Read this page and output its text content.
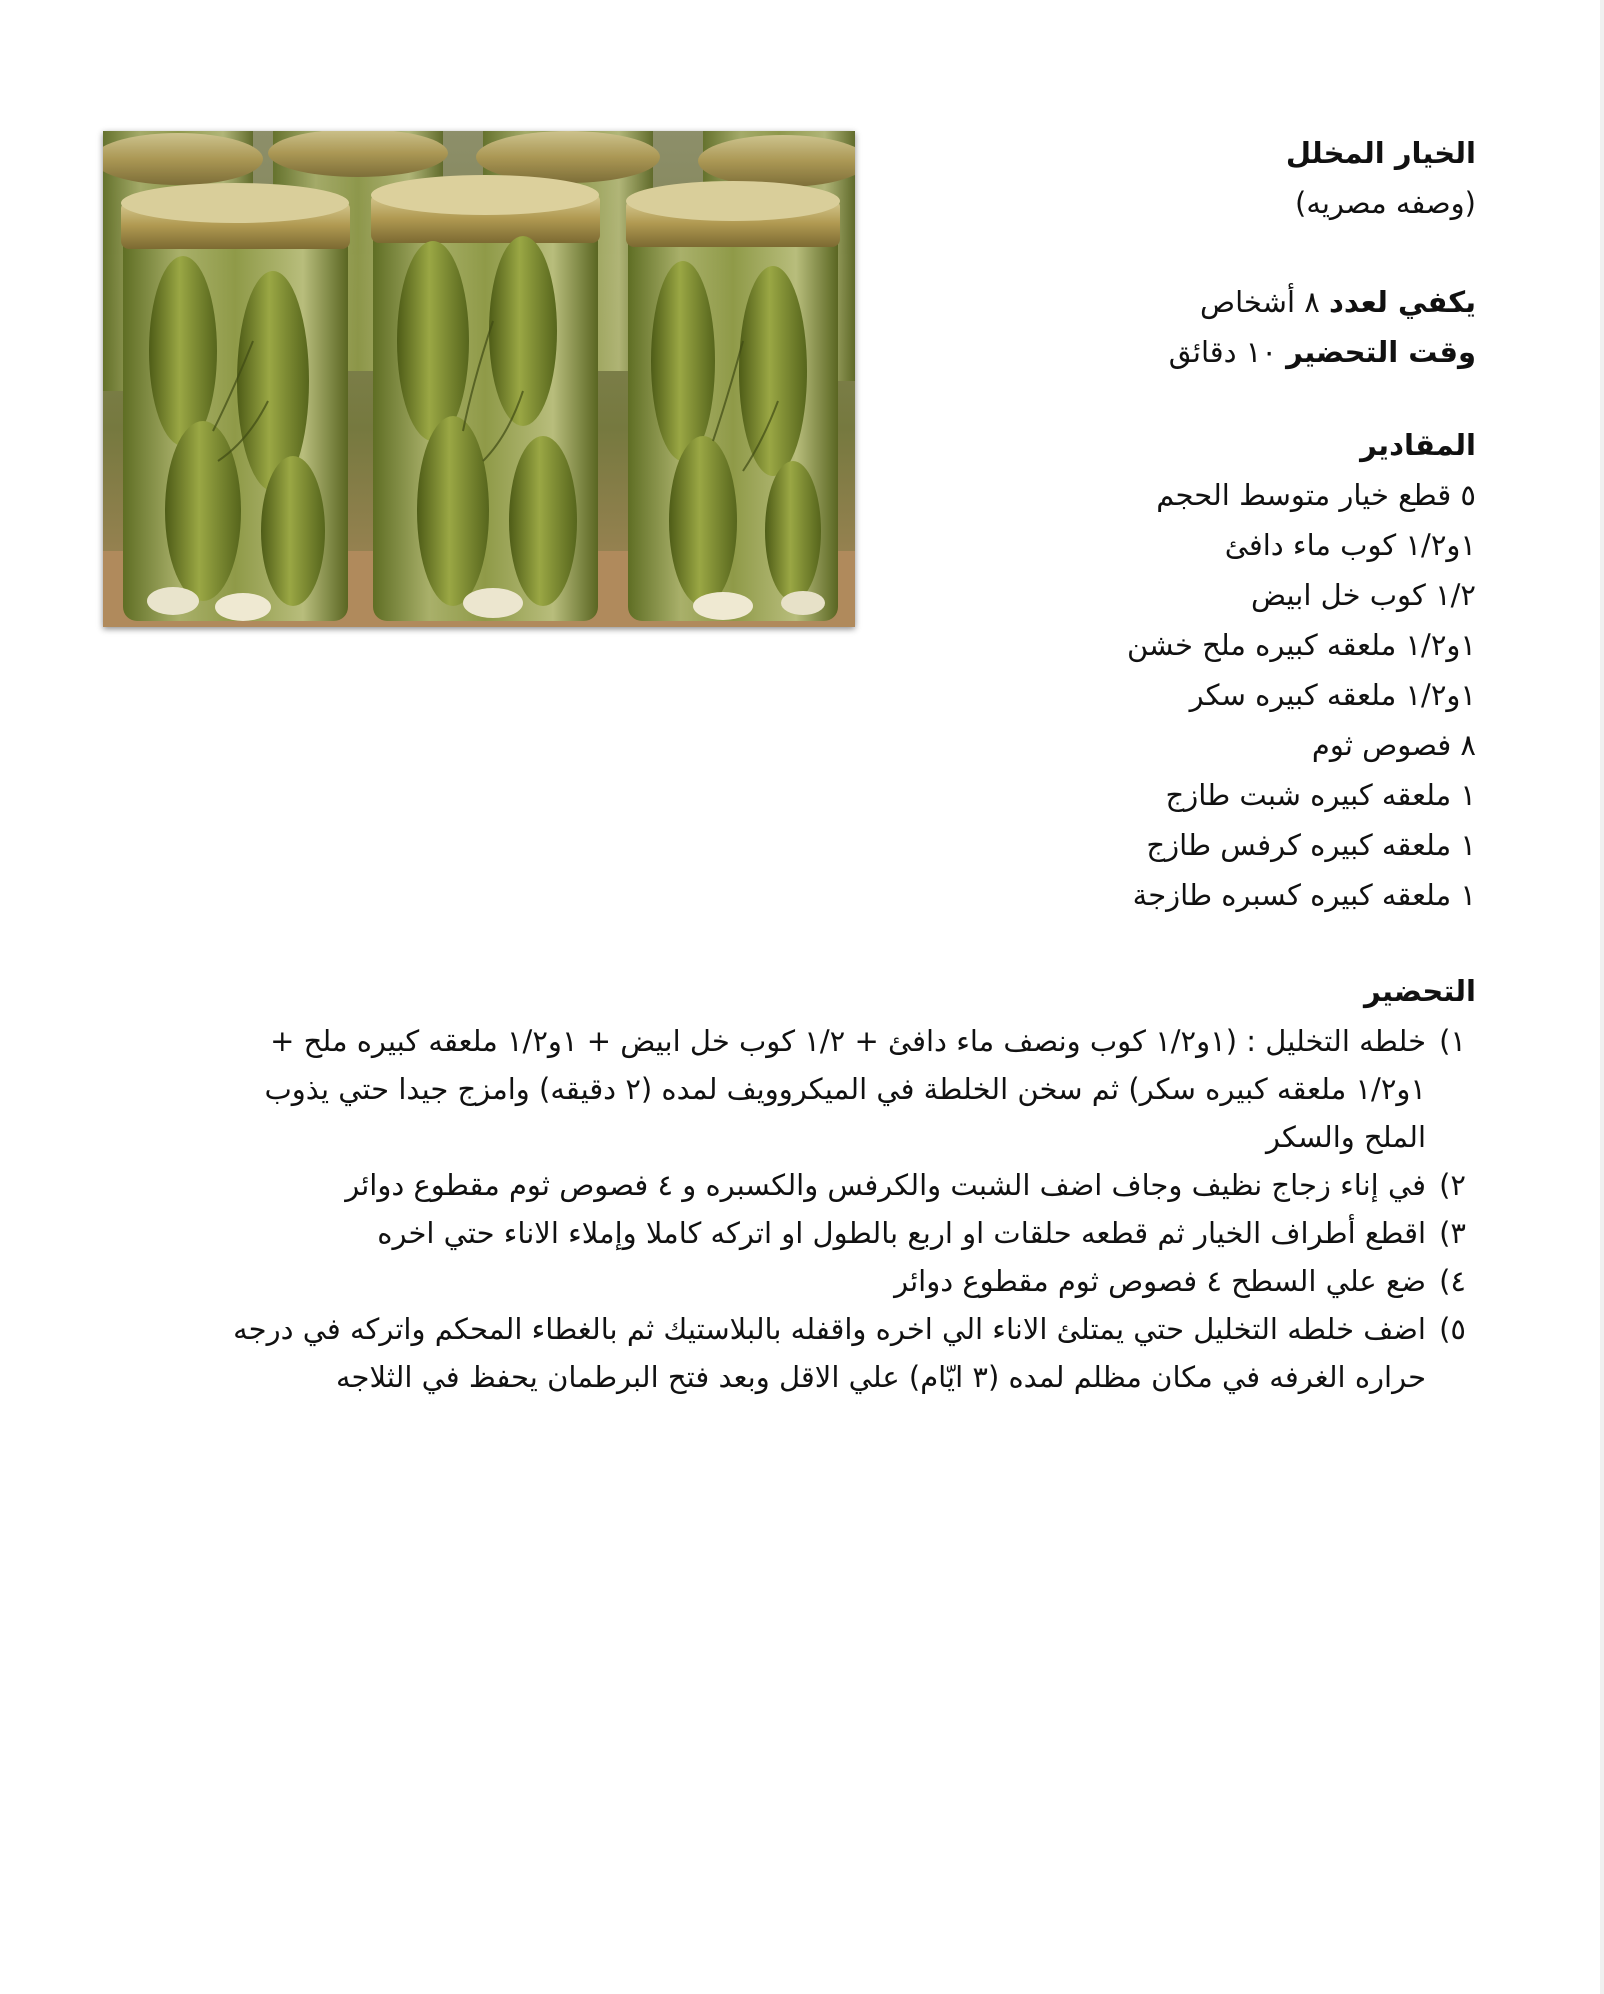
الخيار المخلل
(وصفه مصريه)
يكفي لعدد ٨ أشخاص
وقت التحضير ١٠ دقائق
المقادير
٥ قطع خيار متوسط الحجم
١و١/٢ كوب ماء دافئ
١/٢ كوب خل ابيض
١و١/٢ ملعقه كبيره ملح خشن
١و١/٢ ملعقه كبيره سكر
٨ فصوص ثوم
١ ملعقه كبيره شبت طازج
١ ملعقه كبيره كرفس طازج
١ ملعقه كبيره كسبره طازجة
التحضير
١)
خلطه التخليل : (١و١/٢ كوب ونصف ماء دافئ + ١/٢ كوب خل ابيض + ١و١/٢ ملعقه كبيره ملح + ١و١/٢ ملعقه كبيره سكر) ثم سخن الخلطة في الميكروويف لمده (٢ دقيقه) وامزج جيدا حتي يذوب الملح والسكر
٢)
في إناء زجاج نظيف وجاف اضف الشبت والكرفس والكسبره و ٤ فصوص ثوم مقطوع دوائر
٣)
اقطع أطراف الخيار ثم قطعه حلقات او اربع بالطول او اتركه كاملا وإملاء الاناء حتي اخره
٤)
ضع علي السطح ٤ فصوص ثوم مقطوع دوائر
٥)
اضف خلطه التخليل حتي يمتلئ الاناء الي اخره واقفله بالبلاستيك ثم بالغطاء المحكم واتركه في درجه حراره الغرفه في مكان مظلم لمده (٣ ايّام) علي الاقل وبعد فتح البرطمان يحفظ في الثلاجه
